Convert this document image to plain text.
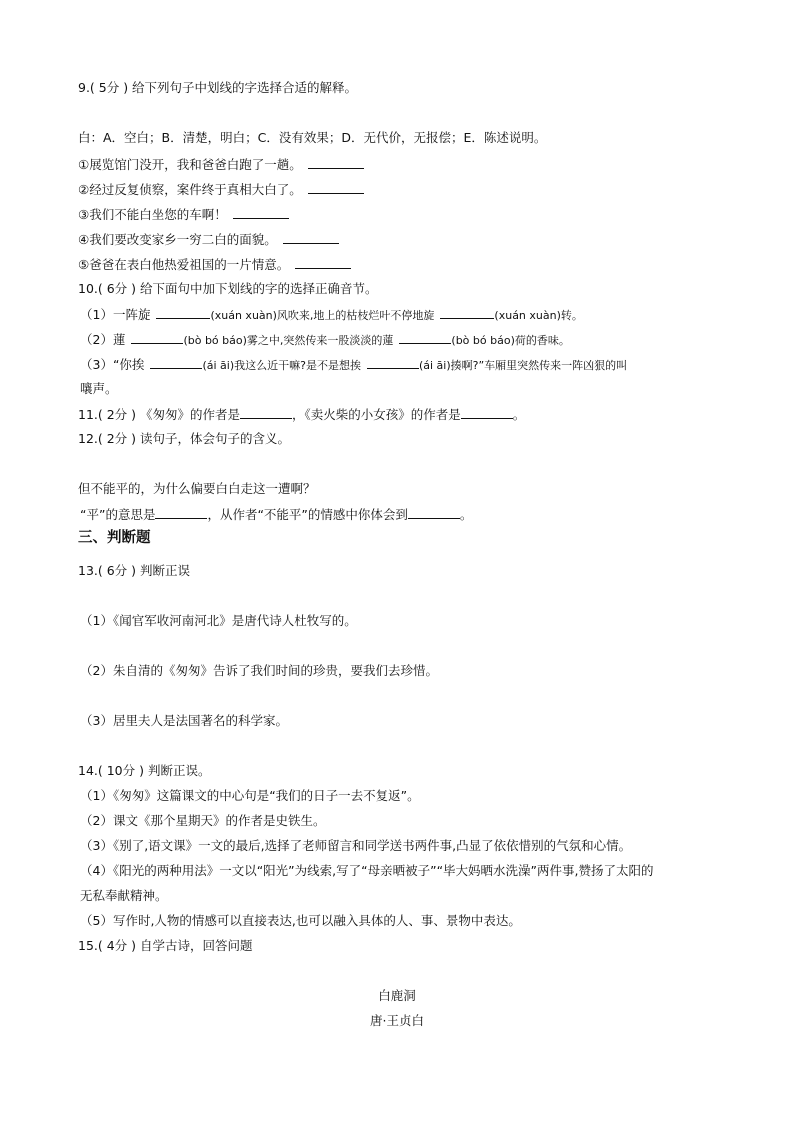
9.( 5分 ) 给下列句子中划线的字选择合适的解释。
白：A．空白；B．清楚，明白；C．没有效果；D．无代价，无报偿；E．陈述说明。
①展览馆门没开，我和爸爸白跑了一趟。
②经过反复侦察，案件终于真相大白了。
③我们不能白坐您的车啊！
④我们要改变家乡一穷二白的面貌。
⑤爸爸在表白他热爱祖国的一片情意。
10.( 6分 ) 给下面句中加下划线的字的选择正确音节。
（1）一阵旋	(xuán xuàn)风吹来,地上的枯枝烂叶不停地旋	(xuán xuàn)转。
（2）蓮	(bò bó báo)雾之中,突然传来一股淡淡的蓮	(bò bó báo)荷的香味。
（3）“你挨	(ái āi)我这么近干嘛?是不是想挨	(ái āi)揍啊?”车厢里突然传来一阵凶狠的叫
嚷声。
11.( 2分 ) 《匆匆》的作者是	，《卖火柴的小女孩》的作者是	。
12.( 2分 ) 读句子，体会句子的含义。
但不能平的，为什么偏要白白走这一遭啊？
“平”的意思是	，从作者“不能平”的情感中你体会到	。
三、判断题
13.( 6分 ) 判断正误
（1）《闻官军收河南河北》是唐代诗人杜牧写的。
（2）朱自清的《匆匆》告诉了我们时间的珍贵，要我们去珍惜。
（3）居里夫人是法国著名的科学家。
14.( 10分 ) 判断正误。
（1）《匆匆》这篇课文的中心句是“我们的日子一去不复返”。
（2）课文《那个星期天》的作者是史铁生。
（3）《别了,语文课》一文的最后,选择了老师留言和同学送书两件事,凸显了依依惜别的气氛和心情。
（4）《阳光的两种用法》一文以“阳光”为线索,写了“母亲晒被子”“毕大妈晒水洗澡”两件事,赞扬了太阳的
无私奉献精神。
（5）写作时,人物的情感可以直接表达,也可以融入具体的人、事、景物中表达。
15.( 4分 ) 自学古诗，回答问题
白鹿洞
唐·王贞白
